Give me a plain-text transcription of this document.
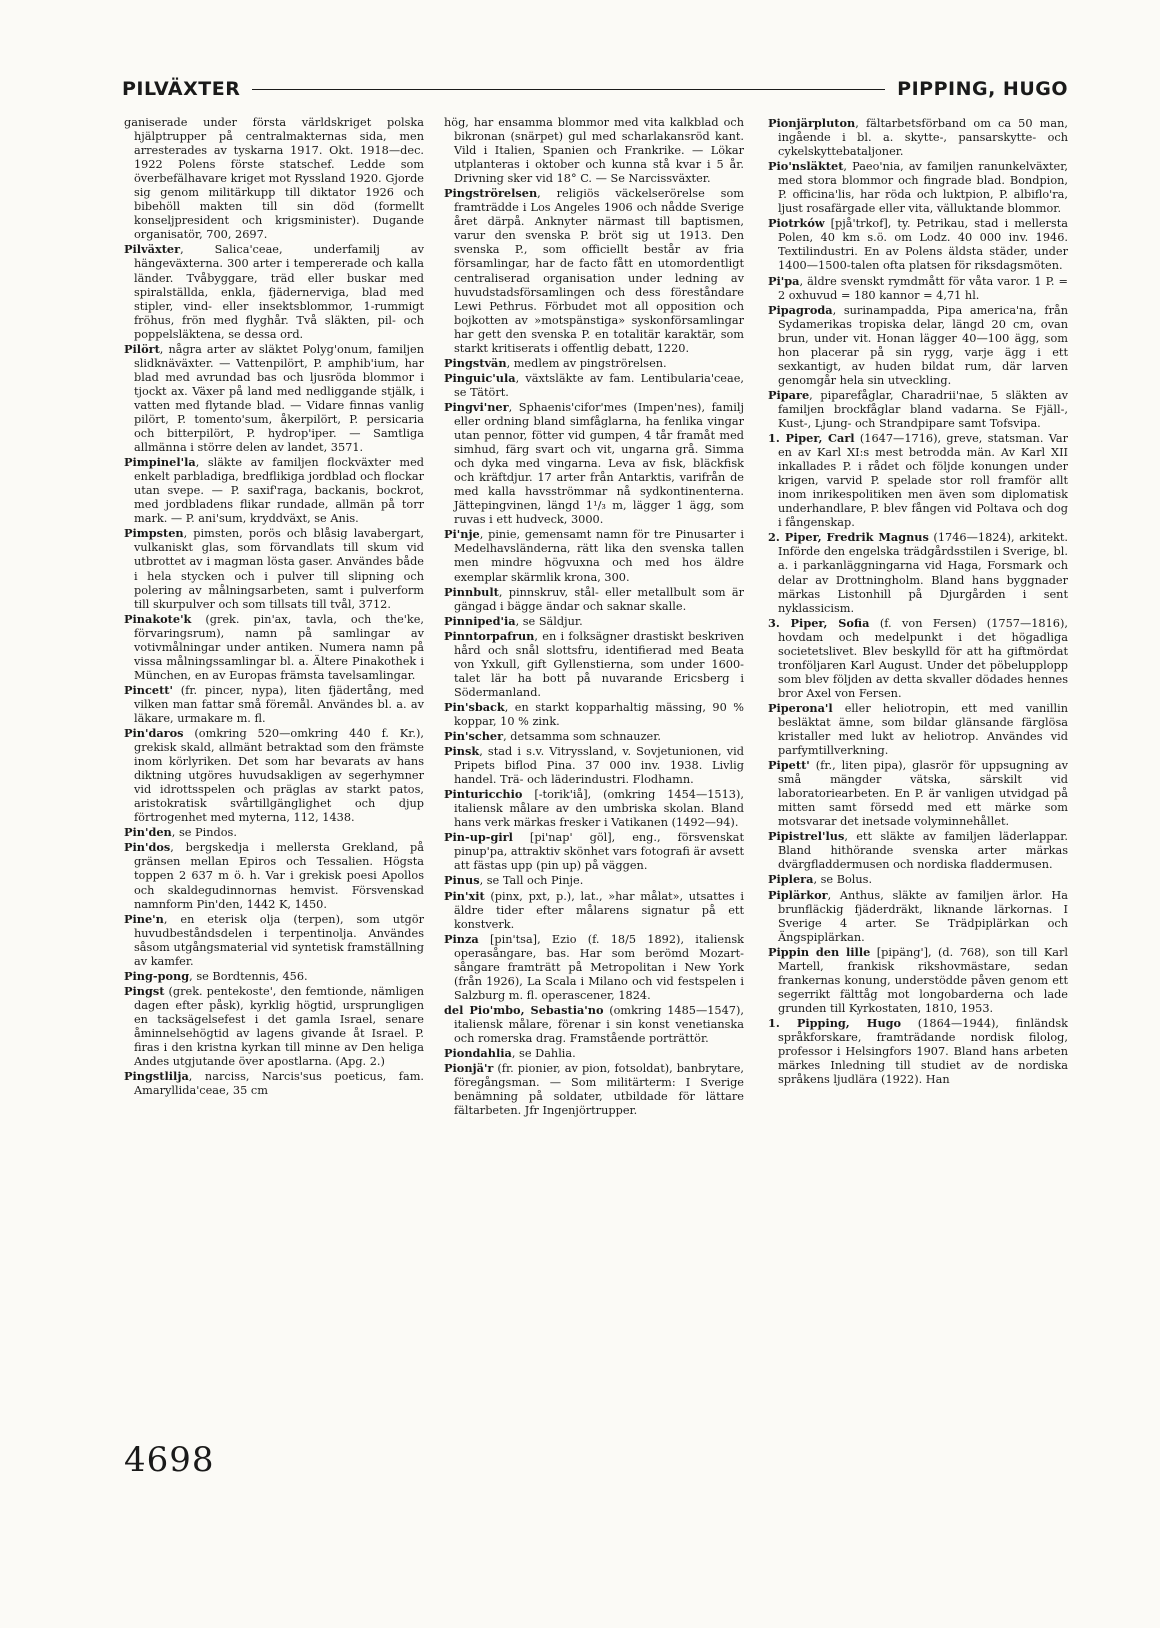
PILVÄXTER	PIPPING, HUGO

ganiserade under första världskriget polska hjälptrupper på centralmakternas sida, men arresterades av tyskarna 1917. Okt. 1918—dec. 1922 Polens förste statschef. Ledde som överbefälhavare kriget mot Ryssland 1920. Gjorde sig genom militärkupp till diktator 1926 och bibehöll makten till sin död (formellt konseljpresident och krigsminister). Dugande organisatör, 700, 2697.

Pilväxter, Salica'ceae, underfamilj av hängeväxterna. 300 arter i tempererade och kalla länder. Tvåbyggare, träd eller buskar med spiralställda, enkla, fjädernerviga, blad med stipler, vind- eller insektsblommor, 1-rummigt fröhus, frön med flyghår. Två släkten, pil- och poppelsläktena, se dessa ord.

Pilört, några arter av släktet Polyg'onum, familjen slidknäväxter. — Vattenpilört, P. amphib'ium, har blad med avrundad bas och ljusröda blommor i tjockt ax. Växer på land med nedliggande stjälk, i vatten med flytande blad. — Vidare finnas vanlig pilört, P. tomento'sum, åkerpilört, P. persicaria och bitterpilört, P. hydrop'iper. — Samtliga allmänna i större delen av landet, 3571.

Pimpinel'la, släkte av familjen flockväxter med enkelt parbladiga, bredflikiga jordblad och flockar utan svepe. — P. saxif'raga, backanis, bockrot, med jordbladens flikar rundade, allmän på torr mark. — P. ani'sum, kryddväxt, se Anis.

Pimpsten, pimsten, porös och blåsig lavabergart, vulkaniskt glas, som förvandlats till skum vid utbrottet av i magman lösta gaser. Användes både i hela stycken och i pulver till slipning och polering av målningsarbeten, samt i pulverform till skurpulver och som tillsats till tvål, 3712.

Pinakote'k (grek. pin'ax, tavla, och the'ke, förvaringsrum), namn på samlingar av votivmålningar under antiken. Numera namn på vissa målningssamlingar bl. a. Ältere Pinakothek i München, en av Europas främsta tavelsamlingar.

Pincett' (fr. pincer, nypa), liten fjädertång, med vilken man fattar små föremål. Användes bl. a. av läkare, urmakare m. fl.

Pin'daros (omkring 520—omkring 440 f. Kr.), grekisk skald, allmänt betraktad som den främste inom körlyriken. Det som har bevarats av hans diktning utgöres huvudsakligen av segerhymner vid idrottsspelen och präglas av starkt patos, aristokratisk svårtillgänglighet och djup förtrogenhet med myterna, 112, 1438.

Pin'den, se Pindos.

Pin'dos, bergskedja i mellersta Grekland, på gränsen mellan Epiros och Tessalien. Högsta toppen 2 637 m ö. h. Var i grekisk poesi Apollos och skaldegudinnornas hemvist. Försvenskad namnform Pin'den, 1442 K, 1450.

Pine'n, en eterisk olja (terpen), som utgör huvudbeståndsdelen i terpentinolja. Användes såsom utgångsmaterial vid syntetisk framställning av kamfer.

Ping-pong, se Bordtennis, 456.

Pingst (grek. pentekoste', den femtionde, nämligen dagen efter påsk), kyrklig högtid, ursprungligen en tacksägelsefest i det gamla Israel, senare åminnelsehögtid av lagens givande åt Israel. P. firas i den kristna kyrkan till minne av Den heliga Andes utgjutande över apostlarna. (Apg. 2.)

Pingstlilja, narciss, Narcis'sus poeticus, fam. Amaryllida'ceae, 35 cm

hög, har ensamma blommor med vita kalkblad och bikronan (snärpet) gul med scharlakansröd kant. Vild i Italien, Spanien och Frankrike. — Lökar utplanteras i oktober och kunna stå kvar i 5 år. Drivning sker vid 18° C. — Se Narcissväxter.

Pingströrelsen, religiös väckelserörelse som framträdde i Los Angeles 1906 och nådde Sverige året därpå. Anknyter närmast till baptismen, varur den svenska P. bröt sig ut 1913. Den svenska P., som officiellt består av fria församlingar, har de facto fått en utomordentligt centraliserad organisation under ledning av huvudstadsförsamlingen och dess föreståndare Lewi Pethrus. Förbudet mot all opposition och bojkotten av »motspänstiga» syskonförsamlingar har gett den svenska P. en totalitär karaktär, som starkt kritiserats i offentlig debatt, 1220.

Pingstvän, medlem av pingströrelsen.

Pinguic'ula, växtsläkte av fam. Lentibularia'ceae, se Tätört.

Pingvi'ner, Sphaenis'cifor'mes (Impen'nes), familj eller ordning bland simfåglarna, ha fenlika vingar utan pennor, fötter vid gumpen, 4 tår framåt med simhud, färg svart och vit, ungarna grå. Simma och dyka med vingarna. Leva av fisk, bläckfisk och kräftdjur. 17 arter från Antarktis, varifrån de med kalla havsströmmar nå sydkontinenterna. Jättepingvinen, längd 1¹/₃ m, lägger 1 ägg, som ruvas i ett hudveck, 3000.

Pi'nje, pinie, gemensamt namn för tre Pinusarter i Medelhavsländerna, rätt lika den svenska tallen men mindre högvuxna och med hos äldre exemplar skärmlik krona, 300.

Pinnbult, pinnskruv, stål- eller metallbult som är gängad i bägge ändar och saknar skalle.

Pinniped'ia, se Säldjur.

Pinntorpafrun, en i folksägner drastiskt beskriven hård och snål slottsfru, identifierad med Beata von Yxkull, gift Gyllenstierna, som under 1600-talet lär ha bott på nuvarande Ericsberg i Södermanland.

Pin'sback, en starkt kopparhaltig mässing, 90 % koppar, 10 % zink.

Pin'scher, detsamma som schnauzer.

Pinsk, stad i s.v. Vitryssland, v. Sovjetunionen, vid Pripets biflod Pina. 37 000 inv. 1938. Livlig handel. Trä- och läderindustri. Flodhamn.

Pinturicchio [-torik'iå], (omkring 1454—1513), italiensk målare av den umbriska skolan. Bland hans verk märkas fresker i Vatikanen (1492—94).

Pin-up-girl [pi'nap' göl], eng., försvenskat pinup'pa, attraktiv skönhet vars fotografi är avsett att fästas upp (pin up) på väggen.

Pinus, se Tall och Pinje.

Pin'xit (pinx, pxt, p.), lat., »har målat», utsattes i äldre tider efter målarens signatur på ett konstverk.

Pinza [pin'tsa], Ezio (f. 18/5 1892), italiensk operasångare, bas. Har som berömd Mozart-sångare framträtt på Metropolitan i New York (från 1926), La Scala i Milano och vid festspelen i Salzburg m. fl. operascener, 1824.

del Pio'mbo, Sebastia'no (omkring 1485—1547), italiensk målare, förenar i sin konst venetianska och romerska drag. Framstående porträttör.

Piondahlia, se Dahlia.

Pionjä'r (fr. pionier, av pion, fotsoldat), banbrytare, föregångsman. — Som militärterm: I Sverige benämning på soldater, utbildade för lättare fältarbeten. Jfr Ingenjörtrupper.

Pionjärpluton, fältarbetsförband om ca 50 man, ingående i bl. a. skytte-, pansarskytte- och cykelskyttebataljoner.

Pio'nsläktet, Paeo'nia, av familjen ranunkelväxter, med stora blommor och fingrade blad. Bondpion, P. officina'lis, har röda och luktpion, P. albiflo'ra, ljust rosafärgade eller vita, välluktande blommor.

Piotrków [pjå'trkof], ty. Petrikau, stad i mellersta Polen, 40 km s.ö. om Lodz. 40 000 inv. 1946. Textilindustri. En av Polens äldsta städer, under 1400—1500-talen ofta platsen för riksdagsmöten.

Pi'pa, äldre svenskt rymdmått för våta varor. 1 P. = 2 oxhuvud = 180 kannor = 4,71 hl.

Pipagroda, surinampadda, Pipa america'na, från Sydamerikas tropiska delar, längd 20 cm, ovan brun, under vit. Honan lägger 40—100 ägg, som hon placerar på sin rygg, varje ägg i ett sexkantigt, av huden bildat rum, där larven genomgår hela sin utveckling.

Pipare, piparefåglar, Charadrii'nae, 5 släkten av familjen brockfåglar bland vadarna. Se Fjäll-, Kust-, Ljung- och Strandpipare samt Tofsvipa.

1. Piper, Carl (1647—1716), greve, statsman. Var en av Karl XI:s mest betrodda män. Av Karl XII inkallades P. i rådet och följde konungen under krigen, varvid P. spelade stor roll framför allt inom inrikespolitiken men även som diplomatisk underhandlare, P. blev fången vid Poltava och dog i fångenskap.

2. Piper, Fredrik Magnus (1746—1824), arkitekt. Införde den engelska trädgårdsstilen i Sverige, bl. a. i parkanläggningarna vid Haga, Forsmark och delar av Drottningholm. Bland hans byggnader märkas Listonhill på Djurgården i sent nyklassicism.

3. Piper, Sofia (f. von Fersen) (1757—1816), hovdam och medelpunkt i det högadliga societetslivet. Blev beskylld för att ha giftmördat tronföljaren Karl August. Under det pöbelupplopp som blev följden av detta skvaller dödades hennes bror Axel von Fersen.

Piperona'l eller heliotropin, ett med vanillin besläktat ämne, som bildar glänsande färglösa kristaller med lukt av heliotrop. Användes vid parfymtillverkning.

Pipett' (fr., liten pipa), glasrör för uppsugning av små mängder vätska, särskilt vid laboratoriearbeten. En P. är vanligen utvidgad på mitten samt försedd med ett märke som motsvarar det inetsade volyminnehållet.

Pipistrel'lus, ett släkte av familjen läderlappar. Bland hithörande svenska arter märkas dvärgfladdermusen och nordiska fladdermusen.

Piplera, se Bolus.

Piplärkor, Anthus, släkte av familjen ärlor. Ha brunfläckig fjäderdräkt, liknande lärkornas. I Sverige 4 arter. Se Trädpiplärkan och Ängspiplärkan.

Pippin den lille [pipäng'], (d. 768), son till Karl Martell, frankisk rikshovmästare, sedan frankernas konung, understödde påven genom ett segerrikt fälttåg mot longobarderna och lade grunden till Kyrkostaten, 1810, 1953.

1. Pipping, Hugo (1864—1944), finländsk språkforskare, framträdande nordisk filolog, professor i Helsingfors 1907. Bland hans arbeten märkes Inledning till studiet av de nordiska språkens ljudlära (1922). Han

4698
